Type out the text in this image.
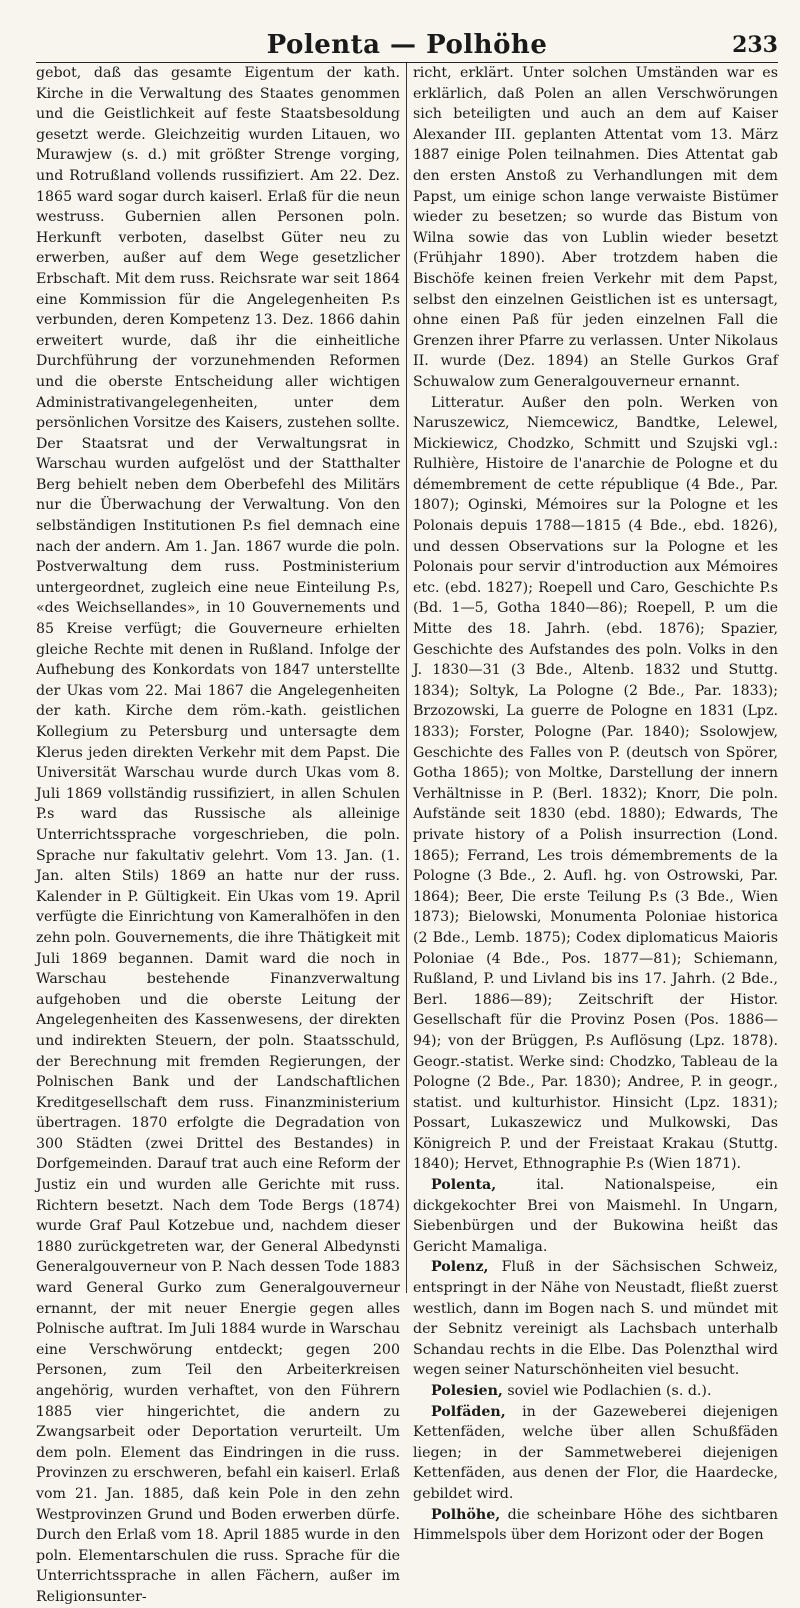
Polenta — Polhöhe	233

gebot, daß das gesamte Eigentum der kath. Kirche in die Verwaltung des Staates genommen und die Geistlichkeit auf feste Staatsbesoldung gesetzt werde. Gleichzeitig wurden Litauen, wo Murawjew (s. d.) mit größter Strenge vorging, und Rotrußland vollends russifiziert. Am 22. Dez. 1865 ward sogar durch kaiserl. Erlaß für die neun westruss. Gubernien allen Personen poln. Herkunft verboten, daselbst Güter neu zu erwerben, außer auf dem Wege gesetzlicher Erbschaft. Mit dem russ. Reichsrate war seit 1864 eine Kommission für die Angelegenheiten P.s verbunden, deren Kompetenz 13. Dez. 1866 dahin erweitert wurde, daß ihr die einheitliche Durchführung der vorzunehmenden Reformen und die oberste Entscheidung aller wichtigen Administrativangelegenheiten, unter dem persönlichen Vorsitze des Kaisers, zustehen sollte. Der Staatsrat und der Verwaltungsrat in Warschau wurden aufgelöst und der Statthalter Berg behielt neben dem Oberbefehl des Militärs nur die Überwachung der Verwaltung. Von den selbständigen Institutionen P.s fiel demnach eine nach der andern. Am 1. Jan. 1867 wurde die poln. Postverwaltung dem russ. Postministerium untergeordnet, zugleich eine neue Einteilung P.s, «des Weichsellandes», in 10 Gouvernements und 85 Kreise verfügt; die Gouverneure erhielten gleiche Rechte mit denen in Rußland. Infolge der Aufhebung des Konkordats von 1847 unterstellte der Ukas vom 22. Mai 1867 die Angelegenheiten der kath. Kirche dem röm.-kath. geistlichen Kollegium zu Petersburg und untersagte dem Klerus jeden direkten Verkehr mit dem Papst. Die Universität Warschau wurde durch Ukas vom 8. Juli 1869 vollständig russifiziert, in allen Schulen P.s ward das Russische als alleinige Unterrichtssprache vorgeschrieben, die poln. Sprache nur fakultativ gelehrt. Vom 13. Jan. (1. Jan. alten Stils) 1869 an hatte nur der russ. Kalender in P. Gültigkeit. Ein Ukas vom 19. April verfügte die Einrichtung von Kameralhöfen in den zehn poln. Gouvernements, die ihre Thätigkeit mit Juli 1869 begannen. Damit ward die noch in Warschau bestehende Finanzverwaltung aufgehoben und die oberste Leitung der Angelegenheiten des Kassenwesens, der direkten und indirekten Steuern, der poln. Staatsschuld, der Berechnung mit fremden Regierungen, der Polnischen Bank und der Landschaftlichen Kreditgesellschaft dem russ. Finanzministerium übertragen. 1870 erfolgte die Degradation von 300 Städten (zwei Drittel des Bestandes) in Dorfgemeinden. Darauf trat auch eine Reform der Justiz ein und wurden alle Gerichte mit russ. Richtern besetzt. Nach dem Tode Bergs (1874) wurde Graf Paul Kotzebue und, nachdem dieser 1880 zurückgetreten war, der General Albedynsti Generalgouverneur von P. Nach dessen Tode 1883 ward General Gurko zum Generalgouverneur ernannt, der mit neuer Energie gegen alles Polnische auftrat. Im Juli 1884 wurde in Warschau eine Verschwörung entdeckt; gegen 200 Personen, zum Teil den Arbeiterkreisen angehörig, wurden verhaftet, von den Führern 1885 vier hingerichtet, die andern zu Zwangsarbeit oder Deportation verurteilt. Um dem poln. Element das Eindringen in die russ. Provinzen zu erschweren, befahl ein kaiserl. Erlaß vom 21. Jan. 1885, daß kein Pole in den zehn Westprovinzen Grund und Boden erwerben dürfe. Durch den Erlaß vom 18. April 1885 wurde in den poln. Elementarschulen die russ. Sprache für die Unterrichtssprache in allen Fächern, außer im Religionsunter-

richt, erklärt. Unter solchen Umständen war es erklärlich, daß Polen an allen Verschwörungen sich beteiligten und auch an dem auf Kaiser Alexander III. geplanten Attentat vom 13. März 1887 einige Polen teilnahmen. Dies Attentat gab den ersten Anstoß zu Verhandlungen mit dem Papst, um einige schon lange verwaiste Bistümer wieder zu besetzen; so wurde das Bistum von Wilna sowie das von Lublin wieder besetzt (Frühjahr 1890). Aber trotzdem haben die Bischöfe keinen freien Verkehr mit dem Papst, selbst den einzelnen Geistlichen ist es untersagt, ohne einen Paß für jeden einzelnen Fall die Grenzen ihrer Pfarre zu verlassen. Unter Nikolaus II. wurde (Dez. 1894) an Stelle Gurkos Graf Schuwalow zum Generalgouverneur ernannt.

Litteratur. Außer den poln. Werken von Naruszewicz, Niemcewicz, Bandtke, Lelewel, Mickiewicz, Chodzko, Schmitt und Szujski vgl.: Rulhière, Histoire de l'anarchie de Pologne et du démembrement de cette république (4 Bde., Par. 1807); Oginski, Mémoires sur la Pologne et les Polonais depuis 1788—1815 (4 Bde., ebd. 1826), und dessen Observations sur la Pologne et les Polonais pour servir d'introduction aux Mémoires etc. (ebd. 1827); Roepell und Caro, Geschichte P.s (Bd. 1—5, Gotha 1840—86); Roepell, P. um die Mitte des 18. Jahrh. (ebd. 1876); Spazier, Geschichte des Aufstandes des poln. Volks in den J. 1830—31 (3 Bde., Altenb. 1832 und Stuttg. 1834); Soltyk, La Pologne (2 Bde., Par. 1833); Brzozowski, La guerre de Pologne en 1831 (Lpz. 1833); Forster, Pologne (Par. 1840); Ssolowjew, Geschichte des Falles von P. (deutsch von Spörer, Gotha 1865); von Moltke, Darstellung der innern Verhältnisse in P. (Berl. 1832); Knorr, Die poln. Aufstände seit 1830 (ebd. 1880); Edwards, The private history of a Polish insurrection (Lond. 1865); Ferrand, Les trois démembrements de la Pologne (3 Bde., 2. Aufl. hg. von Ostrowski, Par. 1864); Beer, Die erste Teilung P.s (3 Bde., Wien 1873); Bielowski, Monumenta Poloniae historica (2 Bde., Lemb. 1875); Codex diplomaticus Maioris Poloniae (4 Bde., Pos. 1877—81); Schiemann, Rußland, P. und Livland bis ins 17. Jahrh. (2 Bde., Berl. 1886—89); Zeitschrift der Histor. Gesellschaft für die Provinz Posen (Pos. 1886—94); von der Brüggen, P.s Auflösung (Lpz. 1878). Geogr.-statist. Werke sind: Chodzko, Tableau de la Pologne (2 Bde., Par. 1830); Andree, P. in geogr., statist. und kulturhistor. Hinsicht (Lpz. 1831); Possart, Lukaszewicz und Mulkowski, Das Königreich P. und der Freistaat Krakau (Stuttg. 1840); Hervet, Ethnographie P.s (Wien 1871).

Polenta, ital. Nationalspeise, ein dickgekochter Brei von Maismehl. In Ungarn, Siebenbürgen und der Bukowina heißt das Gericht Mamaliga.

Polenz, Fluß in der Sächsischen Schweiz, entspringt in der Nähe von Neustadt, fließt zuerst westlich, dann im Bogen nach S. und mündet mit der Sebnitz vereinigt als Lachsbach unterhalb Schandau rechts in die Elbe. Das Polenzthal wird wegen seiner Naturschönheiten viel besucht.

Polesien, soviel wie Podlachien (s. d.).

Polfäden, in der Gazeweberei diejenigen Kettenfäden, welche über allen Schußfäden liegen; in der Sammetweberei diejenigen Kettenfäden, aus denen der Flor, die Haardecke, gebildet wird.

Polhöhe, die scheinbare Höhe des sichtbaren Himmelspols über dem Horizont oder der Bogen
